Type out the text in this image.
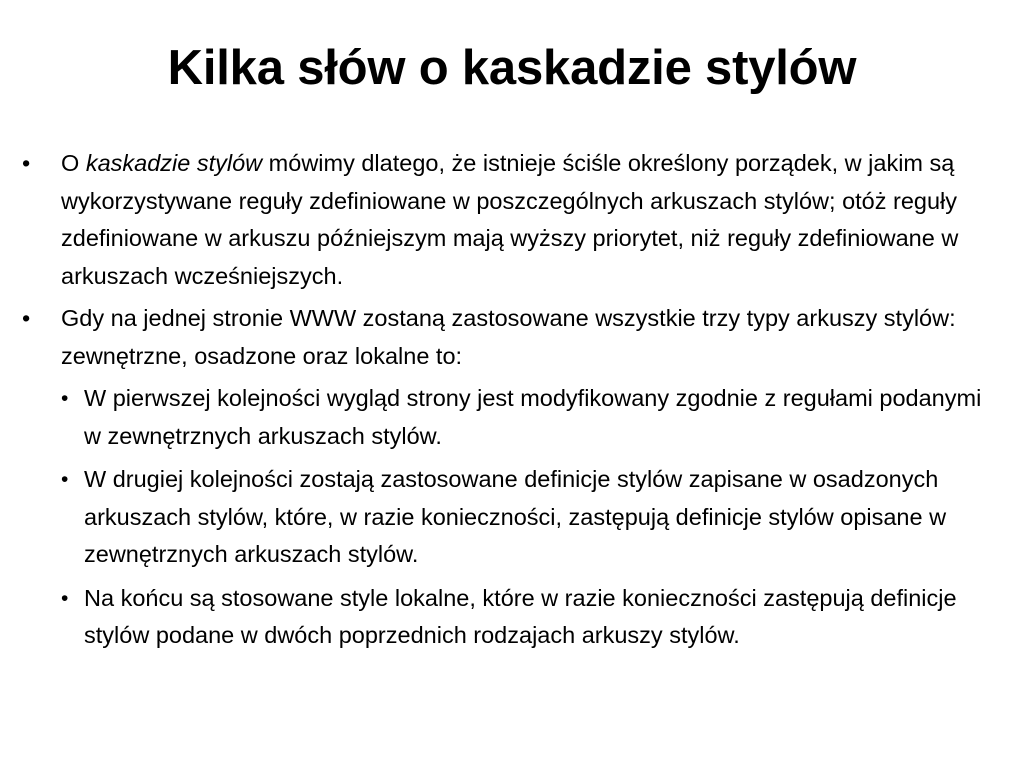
Kilka słów o kaskadzie stylów
•	O kaskadzie stylów mówimy dlatego, że istnieje ściśle określony porządek, w jakim są wykorzystywane reguły zdefiniowane w poszczególnych arkuszach stylów; otóż reguły zdefiniowane w arkuszu późniejszym mają wyższy priorytet, niż reguły zdefiniowane w arkuszach wcześniejszych.
•	Gdy na jednej stronie WWW zostaną zastosowane wszystkie trzy typy arkuszy stylów: zewnętrzne, osadzone oraz lokalne to:
• W pierwszej kolejności wygląd strony jest modyfikowany zgodnie z regułami podanymi w zewnętrznych arkuszach stylów.
• W drugiej kolejności zostają zastosowane definicje stylów zapisane w osadzonych arkuszach stylów, które, w razie konieczności, zastępują definicje stylów opisane w zewnętrznych arkuszach stylów.
• Na końcu są stosowane style lokalne, które w razie konieczności zastępują definicje stylów podane w dwóch poprzednich rodzajach arkuszy stylów.
